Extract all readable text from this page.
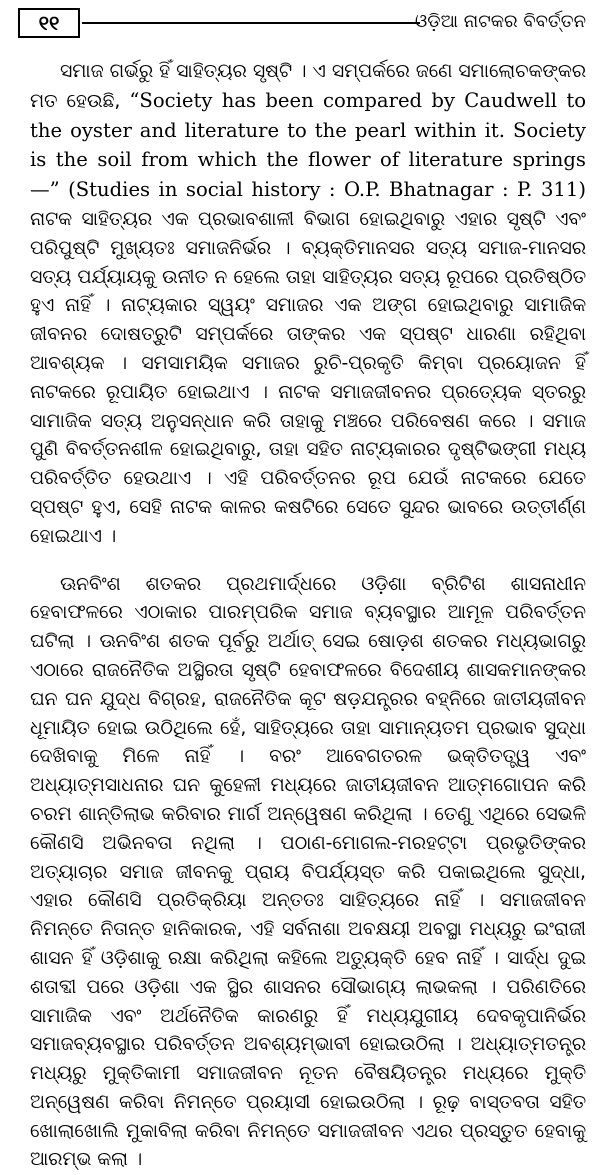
୧୧	ଓଡ଼ିଆ ନାଟକର ବିବର୍ତ୍ତନ

ସମାଜ ଗର୍ଭରୁ ହିଁ ସାହିତ୍ୟର ସୃଷ୍ଟି । ଏ ସମ୍ପର୍କରେ ଜଣେ ସମାଲୋଚକଙ୍କର ମତ ହେଉଛି, “Society has been compared by Caudwell to the oyster and literature to the pearl within it. Society is the soil from which the flower of literature springs—” (Studies in social history : O.P. Bhatnagar : P. 311) ନାଟକ ସାହିତ୍ୟର ଏକ ପ୍ରଭାବଶାଳୀ ବିଭାଗ ହୋଇଥିବାରୁ ଏହାର ସୃଷ୍ଟି ଏବଂ ପରିପୁଷ୍ଟି ମୁଖ୍ୟତଃ ସମାଜନିର୍ଭର । ବ୍ୟକ୍ତିମାନସର ସତ୍ୟ ସମାଜ-ମାନସର ସତ୍ୟ ପର୍ଯ୍ୟାୟକୁ ଉନୀତ ନ ହେଲେ ତାହା ସାହିତ୍ୟର ସତ୍ୟ ରୂପରେ ପ୍ରତିଷ୍ଠିତ ହୁଏ ନାହିଁ । ନାଟ୍ୟକାର ସ୍ୱୟଂ ସମାଜର ଏକ ଅଙ୍ଗ ହୋଇଥିବାରୁ ସାମାଜିକ ଜୀବନର ଦୋଷତ୍ରୁଟି ସମ୍ପର୍କରେ ତାଙ୍କର ଏକ ସ୍ପଷ୍ଟ ଧାରଣା ରହିଥିବା ଆବଶ୍ୟକ । ସମସାମୟିକ ସମାଜର ରୁଚି-ପ୍ରକୃତି କିମ୍ବା ପ୍ରୟୋଜନ ହିଁ ନାଟକରେ ରୂପାୟିତ ହୋଇଥାଏ । ନାଟକ ସମାଜଜୀବନର ପ୍ରତ୍ୟେକ ସ୍ତରରୁ ସାମାଜିକ ସତ୍ୟ ଅନୁସନ୍ଧାନ କରି ତାହାକୁ ମଞ୍ଚରେ ପରିବେଷଣ କରେ । ସମାଜ ପୁଣି ବିବର୍ତ୍ତନଶୀଳ ହୋଇଥିବାରୁ, ତାହା ସହିତ ନାଟ୍ୟକାରର ଦୃଷ୍ଟିଭଙ୍ଗୀ ମଧ୍ୟ ପରିବର୍ତ୍ତିତ ହେଉଥାଏ । ଏହି ପରିବର୍ତ୍ତନର ରୂପ ଯେଉଁ ନାଟକରେ ଯେତେ ସ୍ପଷ୍ଟ ହୁଏ, ସେହି ନାଟକ କାଳର କଷଟିରେ ସେତେ ସୁନ୍ଦର ଭାବରେ ଉତ୍ତୀର୍ଣ୍ଣ ହୋଇଥାଏ ।

ଊନବିଂଶ ଶତକର ପ୍ରଥମାର୍ଦ୍ଧରେ ଓଡ଼ିଶା ବ୍ରିଟିଶ ଶାସନାଧୀନ ହେବାଫଳରେ ଏଠାକାର ପାରମ୍ପରିକ ସମାଜ ବ୍ୟବସ୍ଥାର ଆମୂଳ ପରିବର୍ତ୍ତନ ଘଟିଲା । ଊନବିଂଶ ଶତକ ପୂର୍ବରୁ ଅର୍ଥାତ୍ ସେଇ ଷୋଡ଼ଶ ଶତକର ମଧ୍ୟଭାଗରୁ ଏଠାରେ ରାଜନୈତିକ ଅସ୍ଥିରତା ସୃଷ୍ଟି ହେବାଫଳରେ ବିଦେଶୀୟ ଶାସକମାନଙ୍କର ଘନ ଘନ ଯୁଦ୍ଧ ବିଗ୍ରହ, ରାଜନୈତିକ କୂଟ ଷଡ଼ଯନ୍ତ୍ରର ବହ୍ନିରେ ଜାତୀୟଜୀବନ ଧୂମାୟିତ ହୋଇ ଉଠିଥିଲେ ହେଁ, ସାହିତ୍ୟରେ ତାହା ସାମାନ୍ୟତମ ପ୍ରଭାବ ସୁଦ୍ଧା ଦେଖିବାକୁ ମିଳେ ନାହିଁ । ବରଂ ଆବେଗତରଳ ଭକ୍ତିତତ୍ତ୍ୱ ଏବଂ ଅଧ୍ୟାତ୍ମସାଧନାର ଘନ କୁହେଳୀ ମଧ୍ୟରେ ଜାତୀୟଜୀବନ ଆତ୍ମଗୋପନ କରି ଚରମ ଶାନ୍ତିଲାଭ କରିବାର ମାର୍ଗ ଅନ୍ୱେଷଣ କରିଥିଲା । ତେଣୁ ଏଥିରେ ସେଭଳି କୌଣସି ଅଭିନବତା ନଥିଲା । ପଠାଣ-ମୋଗଲ-ମରହଟ୍ଟା ପ୍ରଭୃତିଙ୍କର ଅତ୍ୟାଚାର ସମାଜ ଜୀବନକୁ ପ୍ରାୟ ବିପର୍ଯ୍ୟସ୍ତ କରି ପକାଇଥିଲେ ସୁଦ୍ଧା, ଏହାର କୌଣସି ପ୍ରତିକ୍ରିୟା ଅନ୍ତତଃ ସାହିତ୍ୟରେ ନାହିଁ । ସମାଜଜୀବନ ନିମନ୍ତେ ନିତାନ୍ତ ହାନିକାରକ, ଏହି ସର୍ବନାଶା ଅବକ୍ଷୟୀ ଅବସ୍ଥା ମଧ୍ୟରୁ ଇଂରାଜୀ ଶାସନ ହିଁ ଓଡ଼ିଶାକୁ ରକ୍ଷା କରିଥିଲା କହିଲେ ଅତ୍ୟୁକ୍ତି ହେବ ନାହିଁ । ସାର୍ଦ୍ଧ ଦୁଇ ଶତାବ୍ଦୀ ପରେ ଓଡ଼ିଶା ଏକ ସ୍ଥିର ଶାସନର ସୌଭାଗ୍ୟ ଲାଭକଲା । ପରିଣତିରେ ସାମାଜିକ ଏବଂ ଅର୍ଥନୈତିକ କାରଣରୁ ହିଁ ମଧ୍ୟଯୁଗୀୟ ଦେବକୃପାନିର୍ଭର ସମାଜବ୍ୟବସ୍ଥାର ପରିବର୍ତ୍ତନ ଅବଶ୍ୟମ୍ଭାବୀ ହୋଇଉଠିଲା । ଅଧ୍ୟାତ୍ମତନ୍ତ୍ର ମଧ୍ୟରୁ ମୁକ୍ତିକାମୀ ସମାଜଜୀବନ ନୂତନ ବୈଷୟିତନ୍ତ୍ର ମଧ୍ୟରେ ମୁକ୍ତି ଅନ୍ୱେଷଣ କରିବା ନିମନ୍ତେ ପ୍ରୟାସୀ ହୋଇଉଠିଲା । ରୂଢ଼ ବାସ୍ତବତା ସହିତ ଖୋଲାଖୋଲି ମୁକାବିଲା କରିବା ନିମନ୍ତେ ସମାଜଜୀବନ ଏଥର ପ୍ରସ୍ତୁତ ହେବାକୁ ଆରମ୍ଭ କଲା ।
